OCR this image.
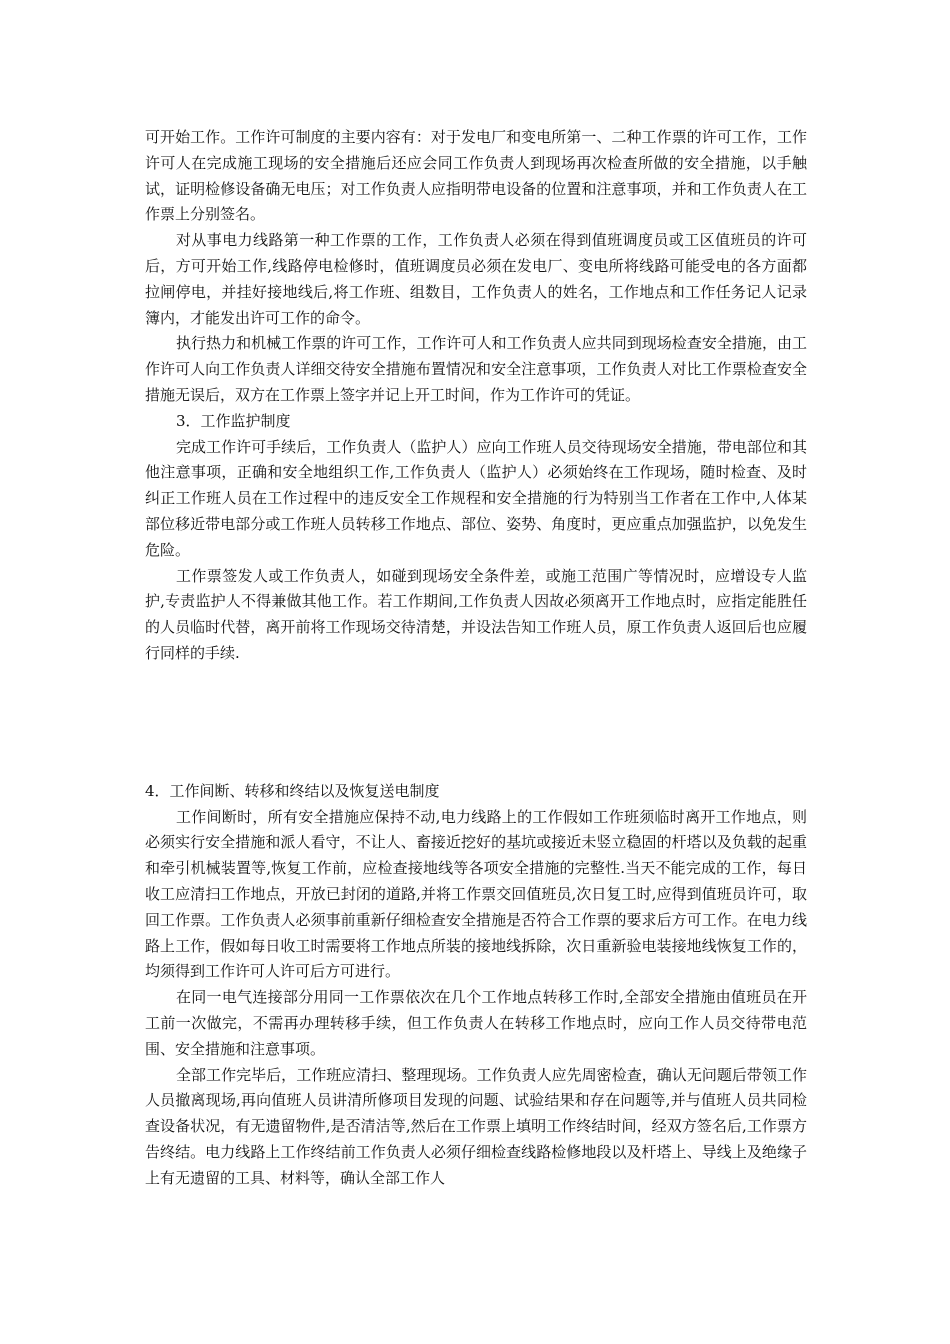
可开始工作。工作许可制度的主要内容有：对于发电厂和变电所第一、二种工作票的许可工作，工作许可人在完成施工现场的安全措施后还应会同工作负责人到现场再次检查所做的安全措施，以手触试，证明检修设备确无电压；对工作负责人应指明带电设备的位置和注意事项，并和工作负责人在工作票上分别签名。

对从事电力线路第一种工作票的工作，工作负责人必须在得到值班调度员或工区值班员的许可后，方可开始工作,线路停电检修时，值班调度员必须在发电厂、变电所将线路可能受电的各方面都拉闸停电，并挂好接地线后,将工作班、组数目，工作负责人的姓名，工作地点和工作任务记人记录簿内，才能发出许可工作的命令。

执行热力和机械工作票的许可工作，工作许可人和工作负责人应共同到现场检查安全措施，由工作许可人向工作负责人详细交待安全措施布置情况和安全注意事项，工作负责人对比工作票检查安全措施无误后，双方在工作票上签字并记上开工时间，作为工作许可的凭证。

3．工作监护制度

完成工作许可手续后，工作负责人（监护人）应向工作班人员交待现场安全措施，带电部位和其他注意事项，正确和安全地组织工作,工作负责人（监护人）必须始终在工作现场，随时检查、及时纠正工作班人员在工作过程中的违反安全工作规程和安全措施的行为特别当工作者在工作中,人体某部位移近带电部分或工作班人员转移工作地点、部位、姿势、角度时，更应重点加强监护，以免发生危险。

工作票签发人或工作负责人，如碰到现场安全条件差，或施工范围广等情况时，应增设专人监护,专责监护人不得兼做其他工作。若工作期间,工作负责人因故必须离开工作地点时，应指定能胜任的人员临时代替，离开前将工作现场交待清楚，并设法告知工作班人员，原工作负责人返回后也应履行同样的手续.

4．工作间断、转移和终结以及恢复送电制度

工作间断时，所有安全措施应保持不动,电力线路上的工作假如工作班须临时离开工作地点，则必须实行安全措施和派人看守，不让人、畜接近挖好的基坑或接近未竖立稳固的杆塔以及负载的起重和牵引机械装置等,恢复工作前，应检查接地线等各项安全措施的完整性.当天不能完成的工作，每日收工应清扫工作地点，开放已封闭的道路,并将工作票交回值班员,次日复工时,应得到值班员许可，取回工作票。工作负责人必须事前重新仔细检查安全措施是否符合工作票的要求后方可工作。在电力线路上工作，假如每日收工时需要将工作地点所装的接地线拆除，次日重新验电装接地线恢复工作的，均须得到工作许可人许可后方可进行。

在同一电气连接部分用同一工作票依次在几个工作地点转移工作时,全部安全措施由值班员在开工前一次做完，不需再办理转移手续，但工作负责人在转移工作地点时，应向工作人员交待带电范围、安全措施和注意事项。

全部工作完毕后，工作班应清扫、整理现场。工作负责人应先周密检查，确认无问题后带领工作人员撤离现场,再向值班人员讲清所修项目发现的问题、试验结果和存在问题等,并与值班人员共同检查设备状况，有无遗留物件,是否清洁等,然后在工作票上填明工作终结时间，经双方签名后,工作票方告终结。电力线路上工作终结前工作负责人必须仔细检查线路检修地段以及杆塔上、导线上及绝缘子上有无遗留的工具、材料等，确认全部工作人
